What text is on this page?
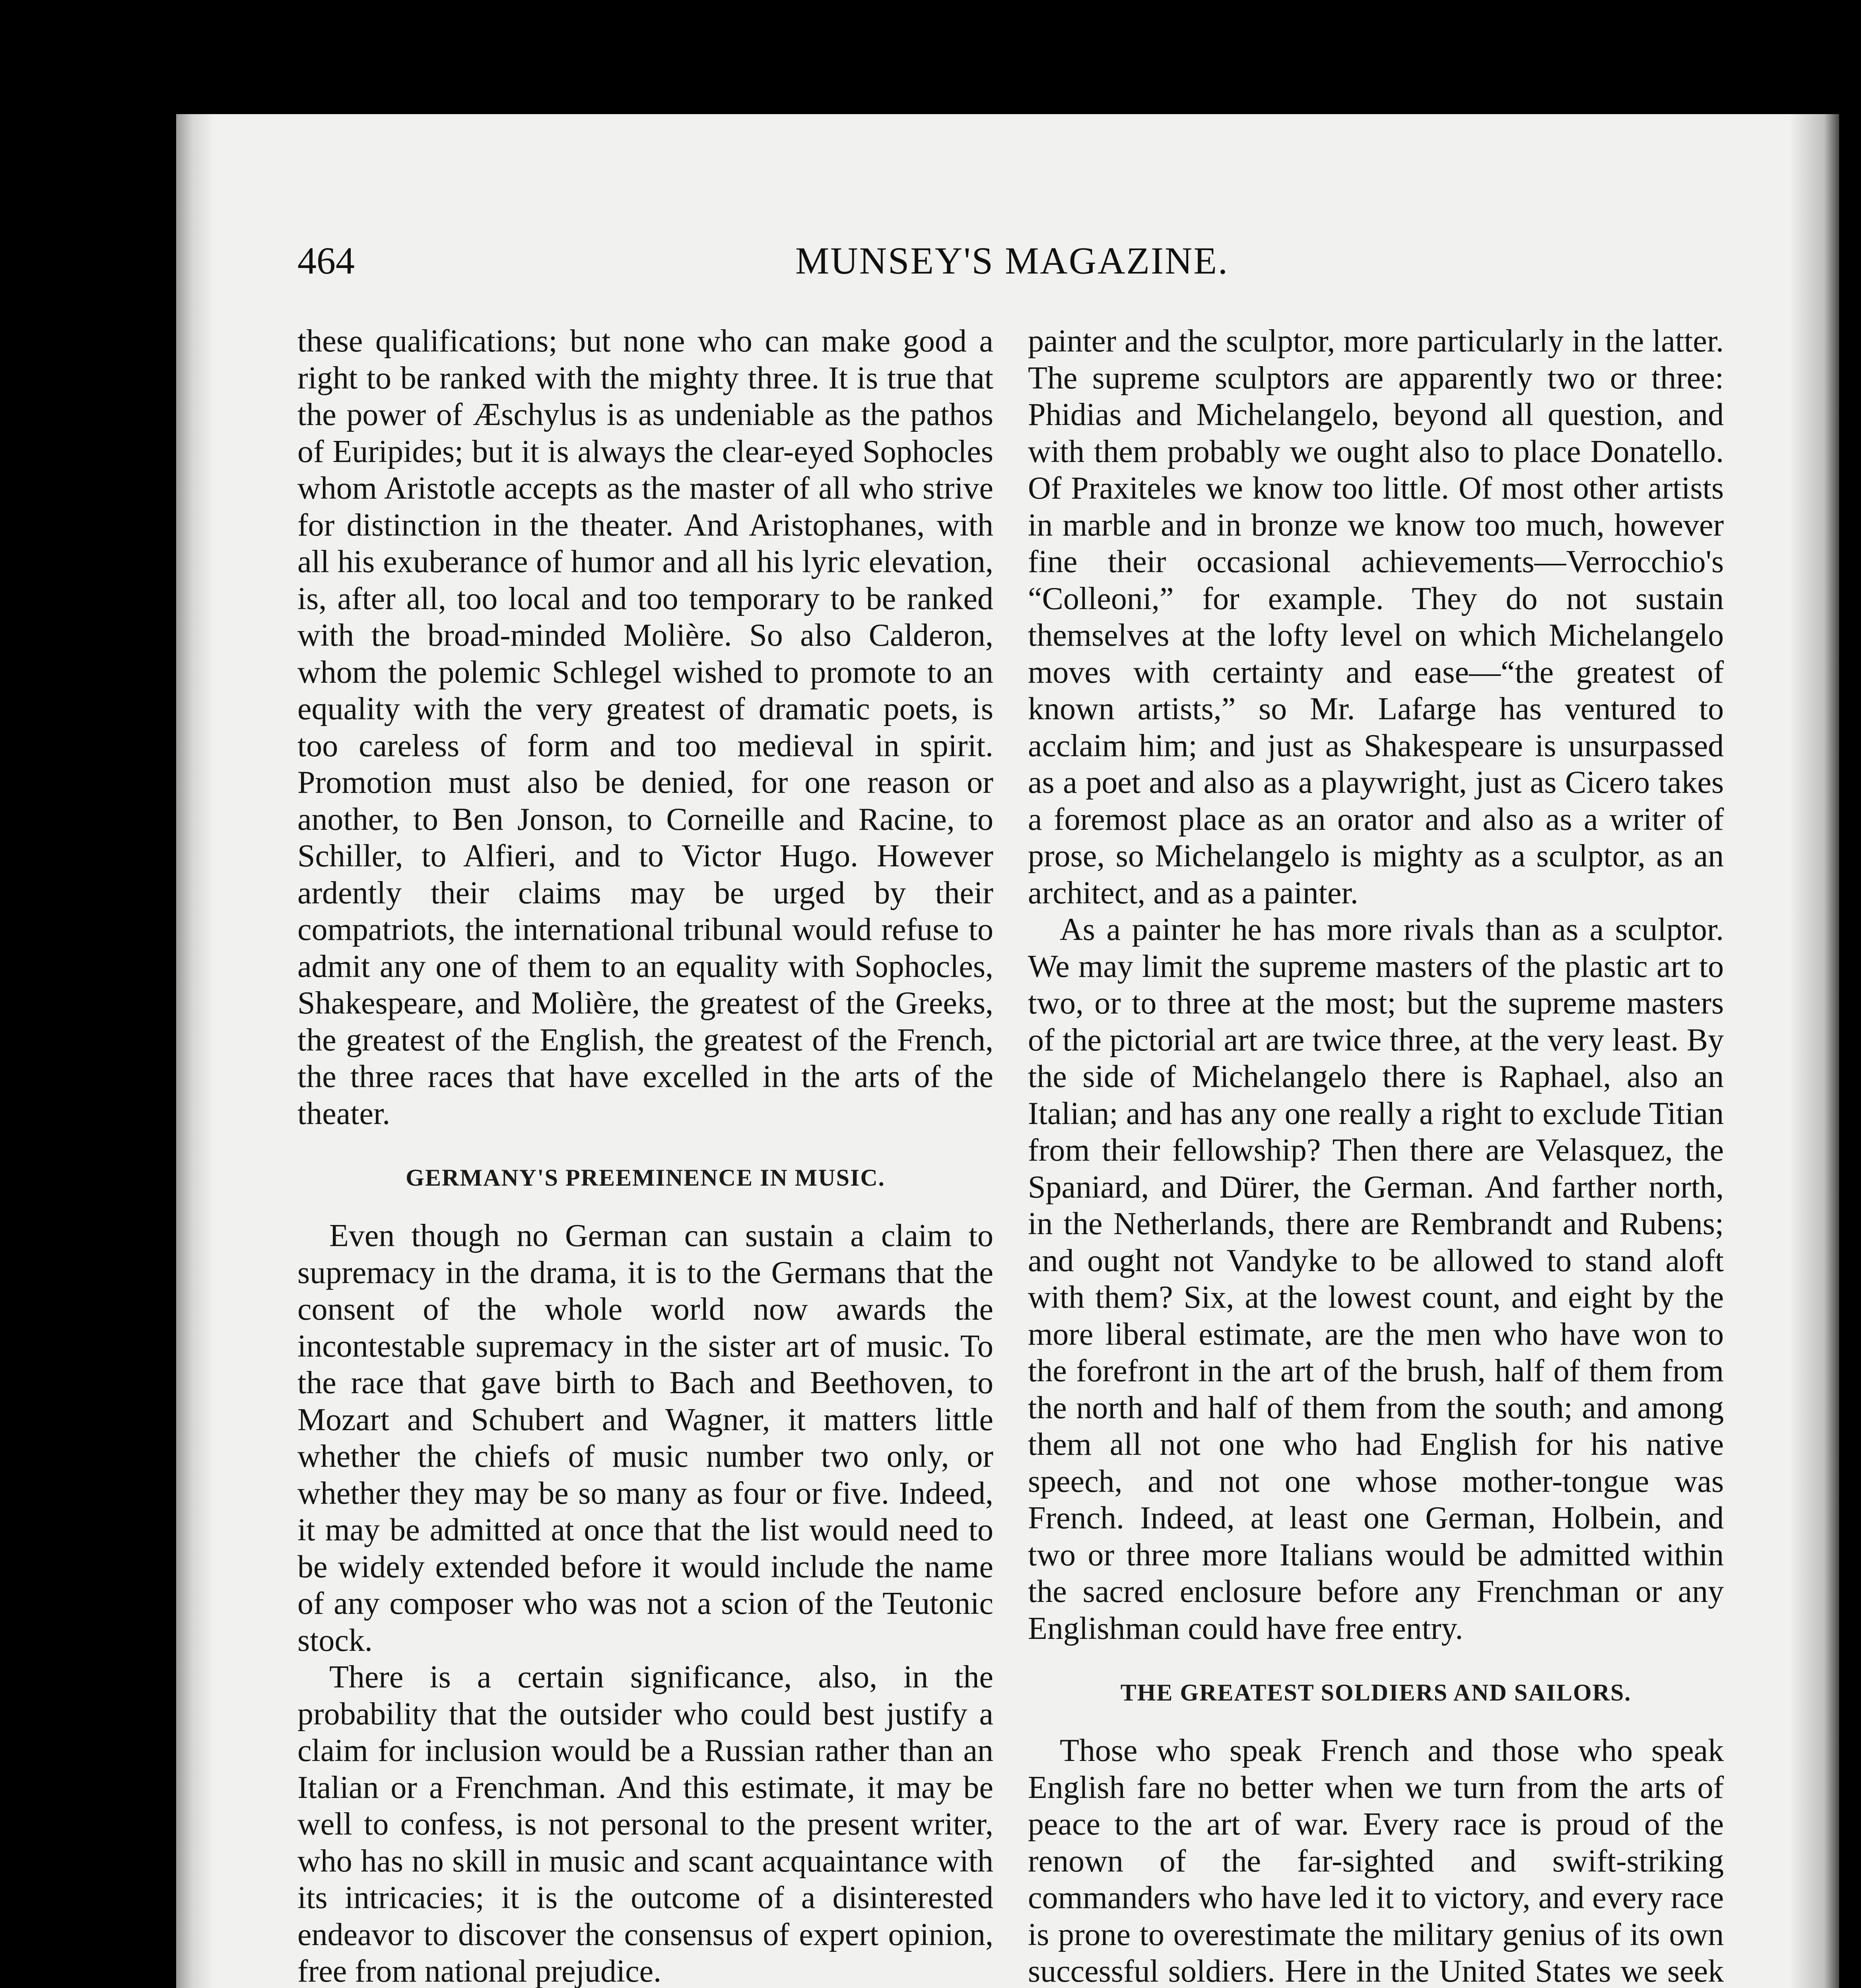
464	MUNSEY'S MAGAZINE.

these qualifications; but none who can make good a right to be ranked with the mighty three. It is true that the power of Æschylus is as undeniable as the pathos of Euripides; but it is always the clear-eyed Sophocles whom Aristotle accepts as the master of all who strive for distinction in the theater. And Aristophanes, with all his exuberance of humor and all his lyric elevation, is, after all, too local and too temporary to be ranked with the broad-minded Molière. So also Calderon, whom the polemic Schlegel wished to promote to an equality with the very greatest of dramatic poets, is too careless of form and too medieval in spirit. Promotion must also be denied, for one reason or another, to Ben Jonson, to Corneille and Racine, to Schiller, to Alfieri, and to Victor Hugo. However ardently their claims may be urged by their compatriots, the international tribunal would refuse to admit any one of them to an equality with Sophocles, Shakespeare, and Molière, the greatest of the Greeks, the greatest of the English, the greatest of the French, the three races that have excelled in the arts of the theater.

GERMANY'S PREEMINENCE IN MUSIC.

Even though no German can sustain a claim to supremacy in the drama, it is to the Germans that the consent of the whole world now awards the incontestable supremacy in the sister art of music. To the race that gave birth to Bach and Beethoven, to Mozart and Schubert and Wagner, it matters little whether the chiefs of music number two only, or whether they may be so many as four or five. Indeed, it may be admitted at once that the list would need to be widely extended before it would include the name of any composer who was not a scion of the Teutonic stock.

There is a certain significance, also, in the probability that the outsider who could best justify a claim for inclusion would be a Russian rather than an Italian or a Frenchman. And this estimate, it may be well to confess, is not personal to the present writer, who has no skill in music and scant acquaintance with its intricacies; it is the outcome of a disinterested endeavor to discover the consensus of expert opinion, free from national prejudice.

painter and the sculptor, more particularly in the latter. The supreme sculptors are apparently two or three: Phidias and Michelangelo, beyond all question, and with them probably we ought also to place Donatello. Of Praxiteles we know too little. Of most other artists in marble and in bronze we know too much, however fine their occasional achievements—Verrocchio's “Colleoni,” for example. They do not sustain themselves at the lofty level on which Michelangelo moves with certainty and ease—“the greatest of known artists,” so Mr. Lafarge has ventured to acclaim him; and just as Shakespeare is unsurpassed as a poet and also as a playwright, just as Cicero takes a foremost place as an orator and also as a writer of prose, so Michelangelo is mighty as a sculptor, as an architect, and as a painter.

As a painter he has more rivals than as a sculptor. We may limit the supreme masters of the plastic art to two, or to three at the most; but the supreme masters of the pictorial art are twice three, at the very least. By the side of Michelangelo there is Raphael, also an Italian; and has any one really a right to exclude Titian from their fellowship? Then there are Velasquez, the Spaniard, and Dürer, the German. And farther north, in the Netherlands, there are Rembrandt and Rubens; and ought not Vandyke to be allowed to stand aloft with them? Six, at the lowest count, and eight by the more liberal estimate, are the men who have won to the forefront in the art of the brush, half of them from the north and half of them from the south; and among them all not one who had English for his native speech, and not one whose mother-tongue was French. Indeed, at least one German, Holbein, and two or three more Italians would be admitted within the sacred enclosure before any Frenchman or any Englishman could have free entry.

THE GREATEST SOLDIERS AND SAILORS.

Those who speak French and those who speak English fare no better when we turn from the arts of peace to the art of war. Every race is proud of the renown of the far-sighted and swift-striking commanders who have led it to victory, and every race is prone to overestimate the military genius of its own successful soldiers. Here in the United States we seek
